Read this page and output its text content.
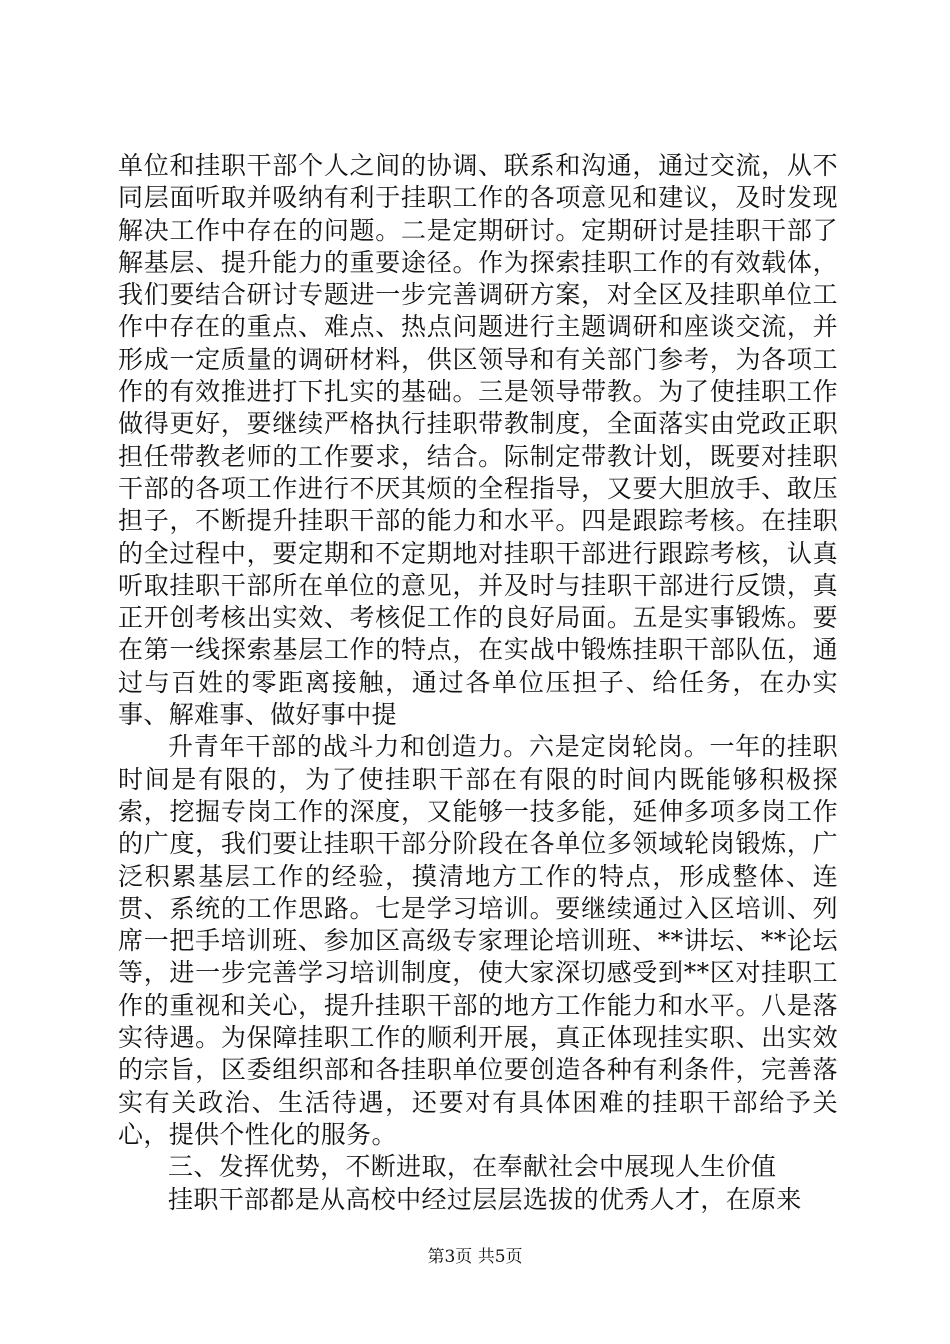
单位和挂职干部个人之间的协调、联系和沟通，通过交流，从不同层面听取并吸纳有利于挂职工作的各项意见和建议，及时发现解决工作中存在的问题。二是定期研讨。定期研讨是挂职干部了解基层、提升能力的重要途径。作为探索挂职工作的有效载体，我们要结合研讨专题进一步完善调研方案，对全区及挂职单位工作中存在的重点、难点、热点问题进行主题调研和座谈交流，并形成一定质量的调研材料，供区领导和有关部门参考，为各项工作的有效推进打下扎实的基础。三是领导带教。为了使挂职工作做得更好，要继续严格执行挂职带教制度，全面落实由党政正职担任带教老师的工作要求，结合。际制定带教计划，既要对挂职干部的各项工作进行不厌其烦的全程指导，又要大胆放手、敢压担子，不断提升挂职干部的能力和水平。四是跟踪考核。在挂职的全过程中，要定期和不定期地对挂职干部进行跟踪考核，认真听取挂职干部所在单位的意见，并及时与挂职干部进行反馈，真正开创考核出实效、考核促工作的良好局面。五是实事锻炼。要在第一线探索基层工作的特点，在实战中锻炼挂职干部队伍，通过与百姓的零距离接触，通过各单位压担子、给任务，在办实事、解难事、做好事中提

升青年干部的战斗力和创造力。六是定岗轮岗。一年的挂职时间是有限的，为了使挂职干部在有限的时间内既能够积极探索，挖掘专岗工作的深度，又能够一技多能，延伸多项多岗工作的广度，我们要让挂职干部分阶段在各单位多领域轮岗锻炼，广泛积累基层工作的经验，摸清地方工作的特点，形成整体、连贯、系统的工作思路。七是学习培训。要继续通过入区培训、列席一把手培训班、参加区高级专家理论培训班、**讲坛、**论坛等，进一步完善学习培训制度，使大家深切感受到**区对挂职工作的重视和关心，提升挂职干部的地方工作能力和水平。八是落实待遇。为保障挂职工作的顺利开展，真正体现挂实职、出实效的宗旨，区委组织部和各挂职单位要创造各种有利条件，完善落实有关政治、生活待遇，还要对有具体困难的挂职干部给予关心，提供个性化的服务。

三、发挥优势，不断进取，在奉献社会中展现人生价值

挂职干部都是从高校中经过层层选拔的优秀人才，在原来

第3页 共5页
